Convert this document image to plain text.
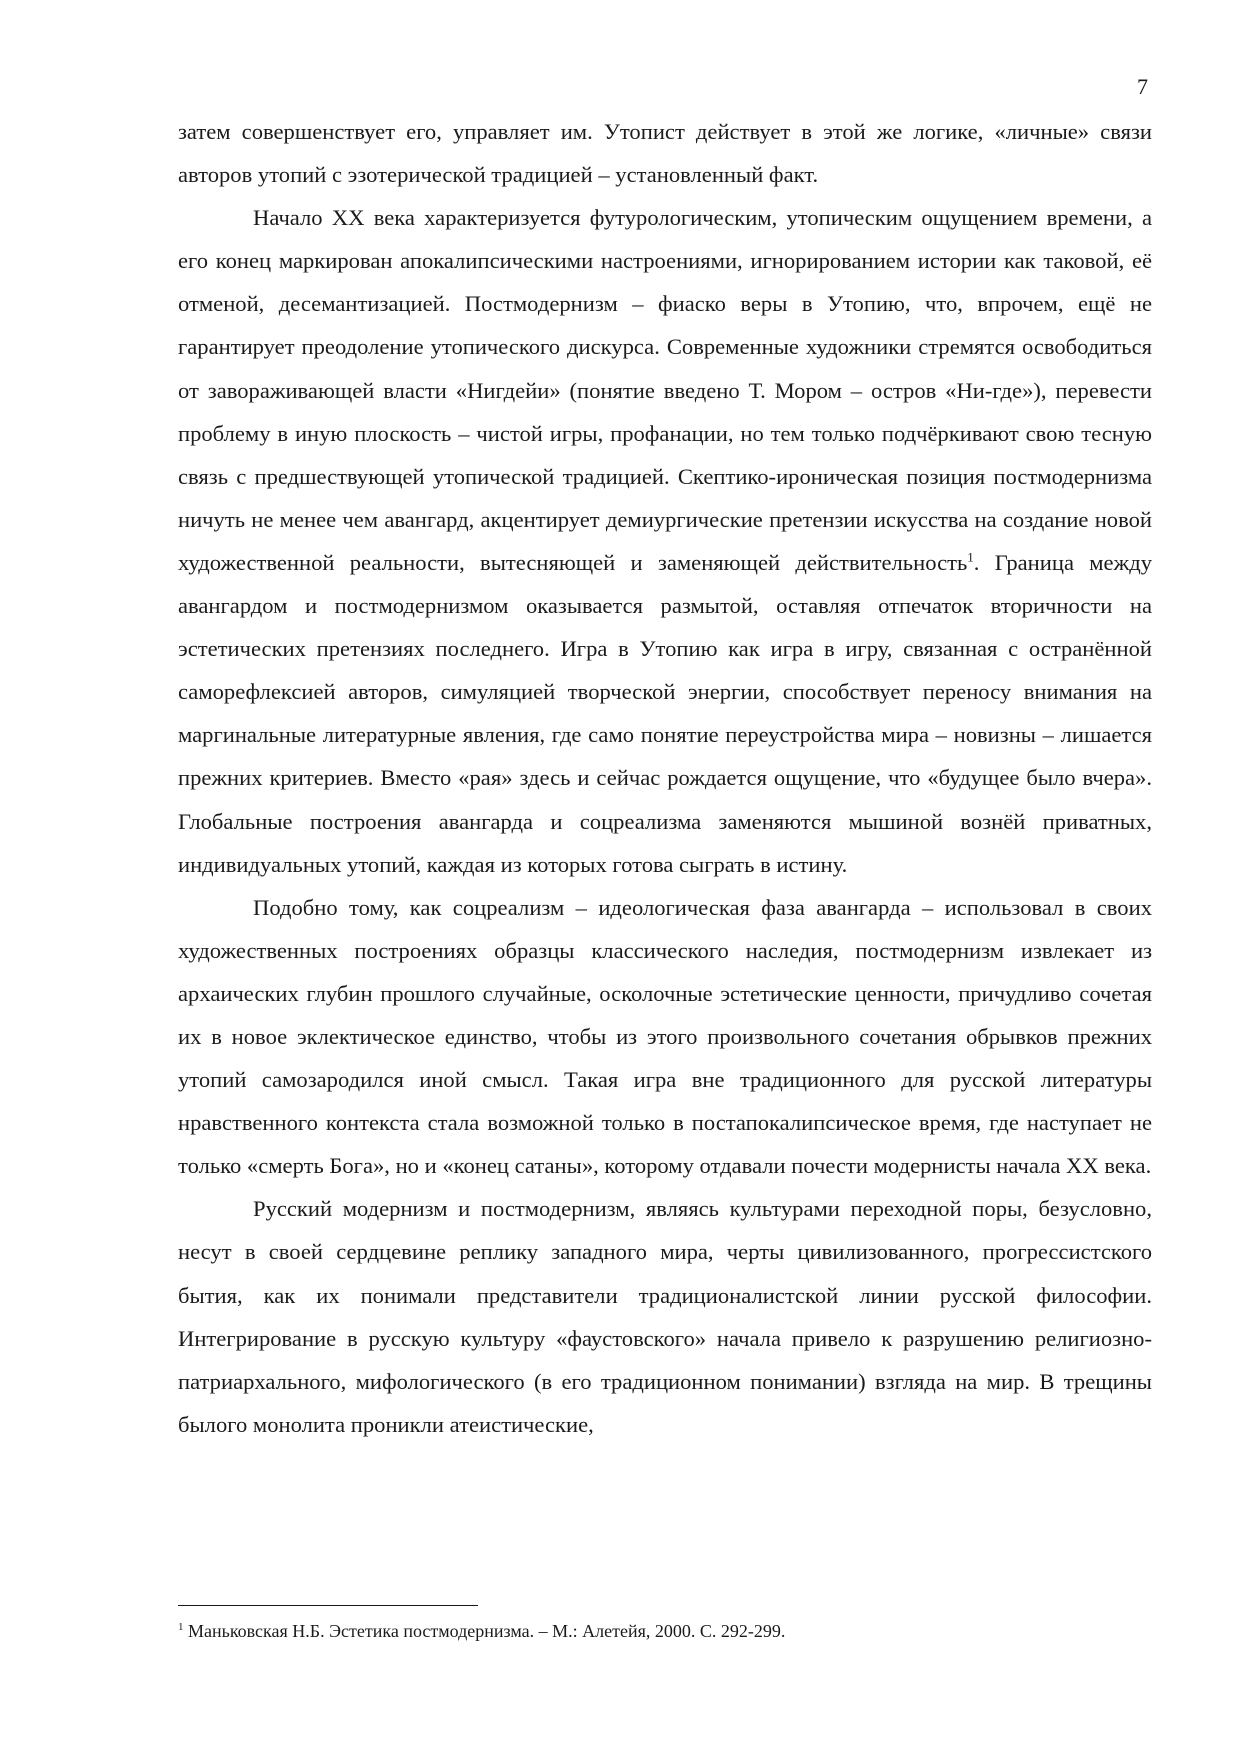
7

затем совершенствует его, управляет им. Утопист действует в этой же логике, «личные» связи авторов утопий с эзотерической традицией – установленный факт.

Начало XX века характеризуется футурологическим, утопическим ощущением времени, а его конец маркирован апокалипсическими настроениями, игнорированием истории как таковой, её отменой, десемантизацией. Постмодернизм – фиаско веры в Утопию, что, впрочем, ещё не гарантирует преодоление утопического дискурса. Современные художники стремятся освободиться от завораживающей власти «Нигдейи» (понятие введено Т. Мором – остров «Ни-где»), перевести проблему в иную плоскость – чистой игры, профанации, но тем только подчёркивают свою тесную связь с предшествующей утопической традицией. Скептико-ироническая позиция постмодернизма ничуть не менее чем авангард, акцентирует демиургические претензии искусства на создание новой художественной реальности, вытесняющей и заменяющей действительность$^1$. Граница между авангардом и постмодернизмом оказывается размытой, оставляя отпечаток вторичности на эстетических претензиях последнего. Игра в Утопию как игра в игру, связанная с остранённой саморефлексией авторов, симуляцией творческой энергии, способствует переносу внимания на маргинальные литературные явления, где само понятие переустройства мира – новизны – лишается прежних критериев. Вместо «рая» здесь и сейчас рождается ощущение, что «будущее было вчера». Глобальные построения авангарда и соцреализма заменяются мышиной вознёй приватных, индивидуальных утопий, каждая из которых готова сыграть в истину.

Подобно тому, как соцреализм – идеологическая фаза авангарда – использовал в своих художественных построениях образцы классического наследия, постмодернизм извлекает из архаических глубин прошлого случайные, осколочные эстетические ценности, причудливо сочетая их в новое эклектическое единство, чтобы из этого произвольного сочетания обрывков прежних утопий самозародился иной смысл. Такая игра вне традиционного для русской литературы нравственного контекста стала возможной только в постапокалипсическое время, где наступает не только «смерть Бога», но и «конец сатаны», которому отдавали почести модернисты начала XX века.

Русский модернизм и постмодернизм, являясь культурами переходной поры, безусловно, несут в своей сердцевине реплику западного мира, черты цивилизованного, прогрессистского бытия, как их понимали представители традиционалистской линии русской философии. Интегрирование в русскую культуру «фаустовского» начала привело к разрушению религиозно-патриархального, мифологического (в его традиционном понимании) взгляда на мир. В трещины былого монолита проникли атеистические,

$^1$ Маньковская Н.Б. Эстетика постмодернизма. – М.: Алетейя, 2000. С. 292-299.
